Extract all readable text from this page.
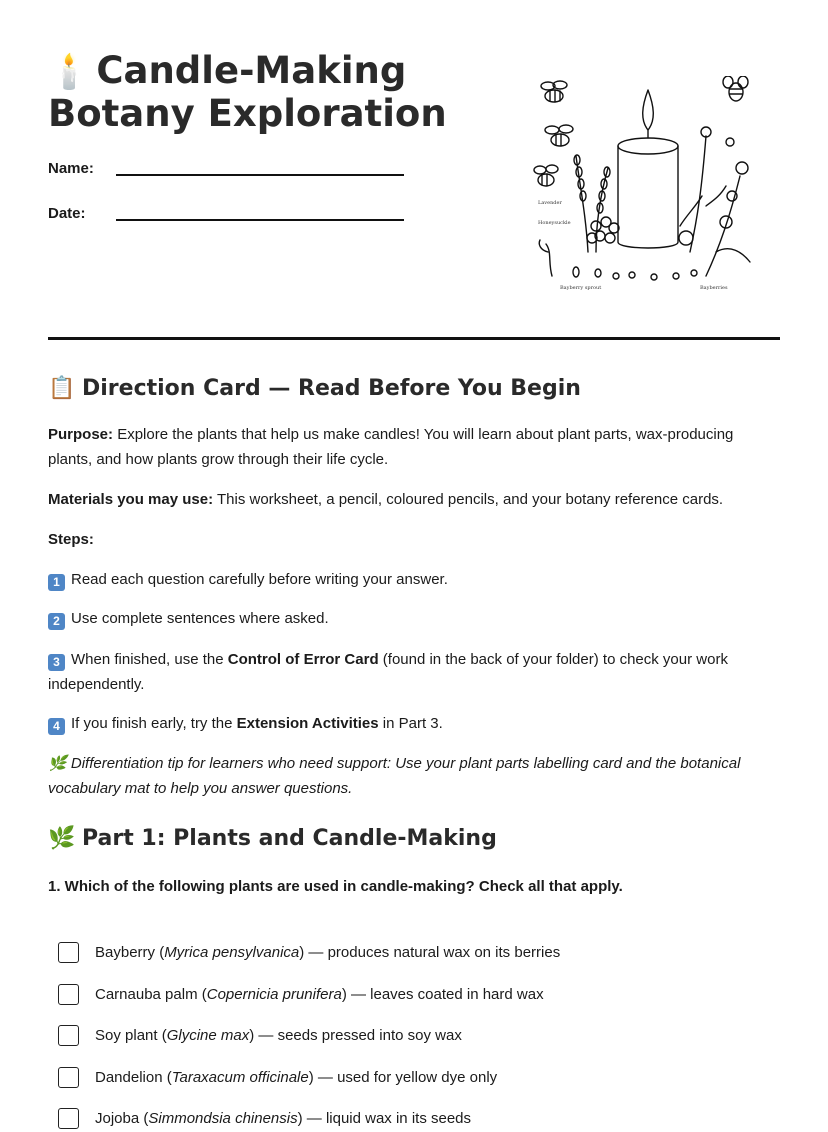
🕯️ Candle-Making
Botany Exploration
Name:
Date:
Lavender
Honeysuckle
Bayberry sprout	Bayberries
📋 Direction Card — Read Before You Begin

Purpose: Explore the plants that help us make candles! You will learn about plant parts, wax-producing plants, and how plants grow through their life cycle.

Materials you may use: This worksheet, a pencil, coloured pencils, and your botany reference cards.

Steps:

1 Read each question carefully before writing your answer.

2 Use complete sentences where asked.

3 When finished, use the Control of Error Card (found in the back of your folder) to check your work independently.

4 If you finish early, try the Extension Activities in Part 3.

🌿 Differentiation tip for learners who need support: Use your plant parts labelling card and the botanical vocabulary mat to help you answer questions.

🌿 Part 1: Plants and Candle-Making
1. Which of the following plants are used in candle-making? Check all that apply.
Bayberry (Myrica pensylvanica) — produces natural wax on its berries
Carnauba palm (Copernicia prunifera) — leaves coated in hard wax
Soy plant (Glycine max) — seeds pressed into soy wax
Dandelion (Taraxacum officinale) — used for yellow dye only
Jojoba (Simmondsia chinensis) — liquid wax in its seeds
